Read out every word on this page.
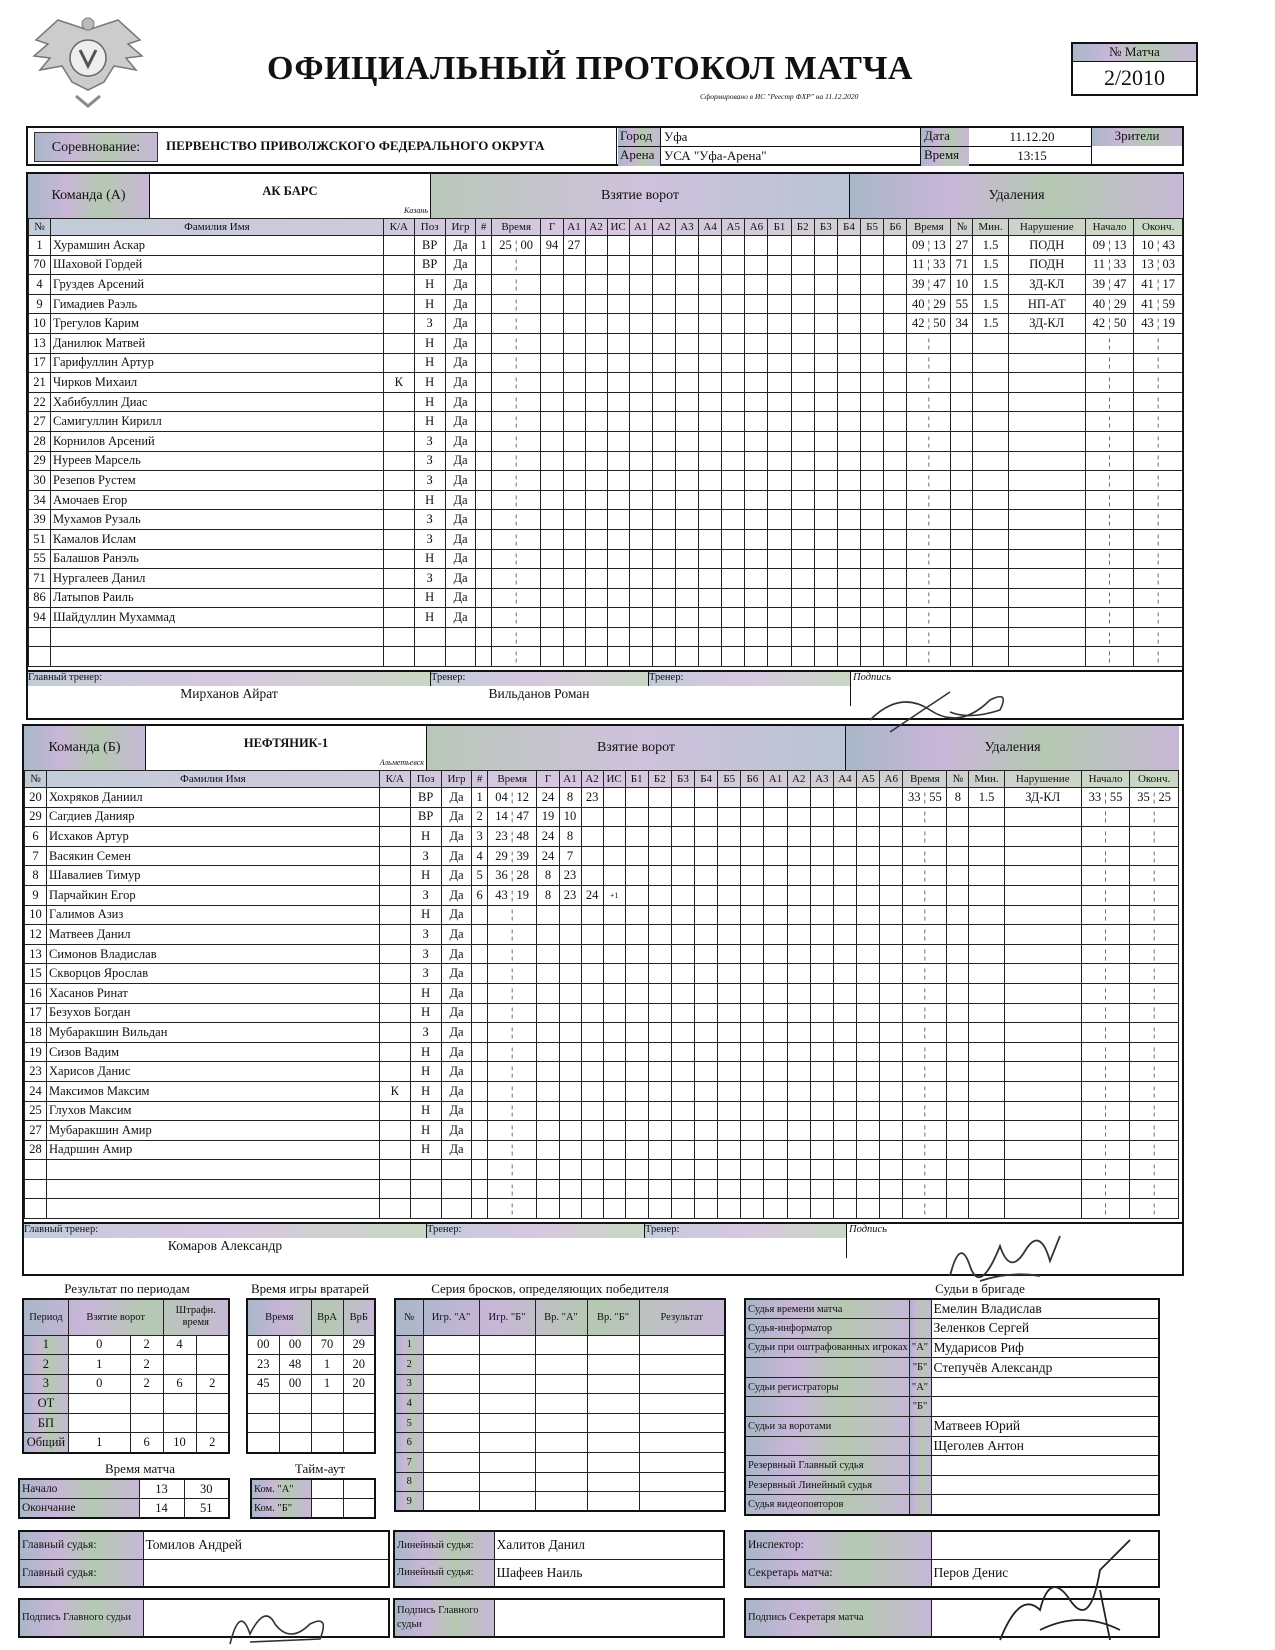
ОФИЦИАЛЬНЫЙ ПРОТОКОЛ МАТЧА
Сформировано в ИС "Реестр ФХР" на 11.12.2020
№ Матча
2/2010
Соревнование:	ПЕРВЕНСТВО ПРИВОЛЖСКОГО ФЕДЕРАЛЬНОГО ОКРУГА
Город Уфа
Арена УСА "Уфа-Арена"
Дата	11.12.20
Время	13:15
Зрители
Команда (А)	АК БАРС
Казань
Взятие ворот	Удаления
№	Фамилия Имя	К/А	Поз	Игр	#	Время	Г	А1	А2	ИС	А1	А2	А3	А4	А5	А6	Б1	Б2	Б3	Б4	Б5	Б6	Время	№	Мин.	Нарушение	Начало	Оконч.
1	Хурамшин Аскар		ВР	Да	1	25 ¦ 00	94	27															09 ¦ 13	27	1.5	ПОДН	09 ¦ 13	10 ¦ 43
70	Шаховой Гордей		ВР	Да		¦																	11 ¦ 33	71	1.5	ПОДН	11 ¦ 33	13 ¦ 03
4	Груздев Арсений		Н	Да		¦																	39 ¦ 47	10	1.5	ЗД-КЛ	39 ¦ 47	41 ¦ 17
9	Гимадиев Раэль		Н	Да		¦																	40 ¦ 29	55	1.5	НП-АТ	40 ¦ 29	41 ¦ 59
10	Трегулов Карим		З	Да		¦																	42 ¦ 50	34	1.5	ЗД-КЛ	42 ¦ 50	43 ¦ 19
13	Данилюк Матвей		Н	Да		¦																	¦				¦	¦
17	Гарифуллин Артур		Н	Да		¦																	¦				¦	¦
21	Чирков Михаил	К	Н	Да		¦																	¦				¦	¦
22	Хабибуллин Диас		Н	Да		¦																	¦				¦	¦
27	Самигуллин Кирилл		Н	Да		¦																	¦				¦	¦
28	Корнилов Арсений		З	Да		¦																	¦				¦	¦
29	Нуреев Марсель		З	Да		¦																	¦				¦	¦
30	Резепов Рустем		З	Да		¦																	¦				¦	¦
34	Амочаев Егор		Н	Да		¦																	¦				¦	¦
39	Мухамов Рузаль		З	Да		¦																	¦				¦	¦
51	Камалов Ислам		З	Да		¦																	¦				¦	¦
55	Балашов Ранэль		Н	Да		¦																	¦				¦	¦
71	Нургалеев Данил		З	Да		¦																	¦				¦	¦
86	Латыпов Раиль		Н	Да		¦																	¦				¦	¦
94	Шайдуллин Мухаммад		Н	Да		¦																	¦				¦	¦
						¦																	¦				¦	¦
						¦																	¦				¦	¦
Главный тренер:
Мирханов Айрат
Тренер:
Вильданов Роман
Тренер:	Подпись
Команда (Б)	НЕФТЯНИК-1
Альметьевск
Взятие ворот	Удаления
№	Фамилия Имя	К/А	Поз	Игр	#	Время	Г	А1	А2	ИС	Б1	Б2	Б3	Б4	Б5	Б6	А1	А2	А3	А4	А5	А6	Время	№	Мин.	Нарушение	Начало	Оконч.
20	Хохряков Даниил		ВР	Да	1	04 ¦ 12	24	8	23														33 ¦ 55	8	1.5	ЗД-КЛ	33 ¦ 55	35 ¦ 25
29	Сагдиев Данияр		ВР	Да	2	14 ¦ 47	19	10															¦				¦	¦
6	Исхаков Артур		Н	Да	3	23 ¦ 48	24	8															¦				¦	¦
7	Васякин Семен		З	Да	4	29 ¦ 39	24	7															¦				¦	¦
8	Шавалиев Тимур		Н	Да	5	36 ¦ 28	8	23															¦				¦	¦
9	Парчайкин Егор		З	Да	6	43 ¦ 19	8	23	24	+1													¦				¦	¦
10	Галимов Азиз		Н	Да		¦																	¦				¦	¦
12	Матвеев Данил		З	Да		¦																	¦				¦	¦
13	Симонов Владислав		З	Да		¦																	¦				¦	¦
15	Скворцов Ярослав		З	Да		¦																	¦				¦	¦
16	Хасанов Ринат		Н	Да		¦																	¦				¦	¦
17	Безухов Богдан		Н	Да		¦																	¦				¦	¦
18	Мубаракшин Вильдан		З	Да		¦																	¦				¦	¦
19	Сизов Вадим		Н	Да		¦																	¦				¦	¦
23	Харисов Данис		Н	Да		¦																	¦				¦	¦
24	Максимов Максим	К	Н	Да		¦																	¦				¦	¦
25	Глухов Максим		Н	Да		¦																	¦				¦	¦
27	Мубаракшин Амир		Н	Да		¦																	¦				¦	¦
28	Надршин Амир		Н	Да		¦																	¦				¦	¦
						¦																	¦				¦	¦
						¦																	¦				¦	¦
						¦																	¦				¦	¦
Главный тренер:
Комаров Александр
Тренер:	Тренер:	Подпись
Результат по периодам
Период	Взятие ворот		Штрафн. время	
1	0	2	4	
2	1	2		
3	0	2	6	2
ОТ				
БП				
Общий	1	6	10	2
Время игры вратарей
Время		ВрА	ВрБ
00	00	70	29
23	48	1	20
45	00	1	20

Время матча
Начало	13	30
Окончание	14	51
Тайм-аут
Ком. "А"		
Ком. "Б"		
Серия бросков, определяющих победителя
№	Игр. "А"	Игр. "Б"	Вр. "А"	Вр. "Б"	Результат
1					
2					
3					
4					
5					
6					
7					
8					
9					
Судьи в бригаде
Судья времени матча		Емелин Владислав
Судья-информатор		Зеленков Сергей
Судьи при оштрафованных игроках	"А"	Мударисов Риф
	"Б"	Степучёв Александр
Судьи регистраторы	"А"	
	"Б"	
Судьи за воротами		Матвеев Юрий
		Щеголев Антон
Резервный Главный судья		
Резервный Линейный судья		
Судья видеоповторов		
Главный судья:	Томилов Андрей
Главный судья:	
Линейный судья:	Халитов Данил
Линейный судья:	Шафеев Наиль
Инспектор:	
Секретарь матча:	Перов Денис
Подпись Главного судьи	
Подпись Главного судьи	
Подпись Секретаря матча	
